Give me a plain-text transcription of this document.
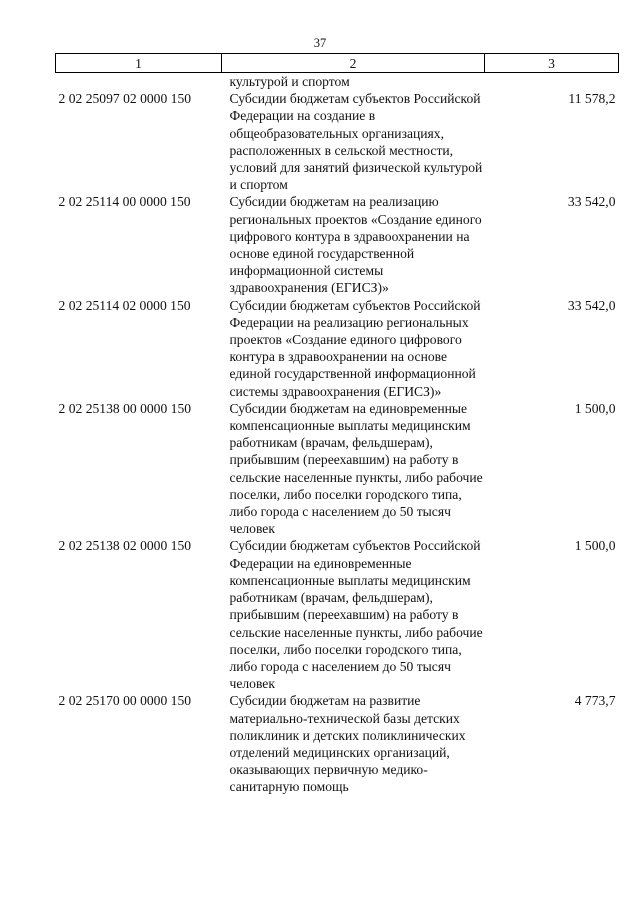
37
1	2	3
	культурой и спортом	
2 02 25097 02 0000 150	Субсидии бюджетам субъектов Российской Федерации на создание в общеобразовательных организациях, расположенных в сельской местности, условий для занятий физической культурой и спортом	11 578,2
2 02 25114 00 0000 150	Субсидии бюджетам на реализацию региональных проектов «Создание единого цифрового контура в здравоохранении на основе единой государственной информационной системы здравоохранения (ЕГИСЗ)»	33 542,0
2 02 25114 02 0000 150	Субсидии бюджетам субъектов Российской Федерации на реализацию региональных проектов «Создание единого цифрового контура в здравоохранении на основе единой государственной информационной системы здравоохранения (ЕГИСЗ)»	33 542,0
2 02 25138 00 0000 150	Субсидии бюджетам на единовременные компенсационные выплаты медицинским работникам (врачам, фельдшерам), прибывшим (переехавшим) на работу в сельские населенные пункты, либо рабочие поселки, либо поселки городского типа, либо города с населением до 50 тысяч человек	1 500,0
2 02 25138 02 0000 150	Субсидии бюджетам субъектов Российской Федерации на единовременные компенсационные выплаты медицинским работникам (врачам, фельдшерам), прибывшим (переехавшим) на работу в сельские населенные пункты, либо рабочие поселки, либо поселки городского типа, либо города с населением до 50 тысяч человек	1 500,0
2 02 25170 00 0000 150	Субсидии бюджетам на развитие материально-технической базы детских поликлиник и детских поликлинических отделений медицинских организаций, оказывающих первичную медико-санитарную помощь	4 773,7
